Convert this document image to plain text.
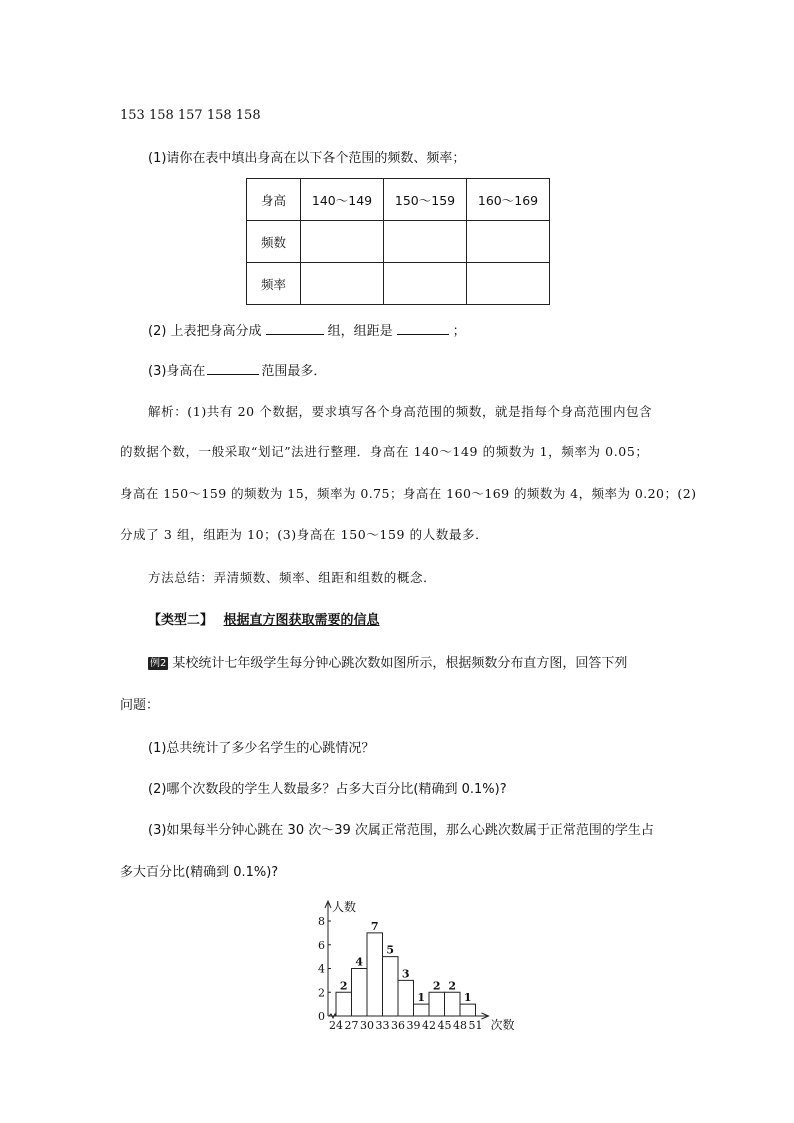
153 158 157 158 158
(1)请你在表中填出身高在以下各个范围的频数、频率；
身高	140～149	150～159	160～169
频数			
频率			
(2) 上表把身高分成	组，组距是	；
(3)身高在	范围最多．
解析：(1)共有 20 个数据，要求填写各个身高范围的频数，就是指每个身高范围内包含
的数据个数，一般采取“划记”法进行整理．身高在 140～149 的频数为 1，频率为 0.05；
身高在 150～159 的频数为 15，频率为 0.75；身高在 160～169 的频数为 4，频率为 0.20；(2)
分成了 3 组，组距为 10；(3)身高在 150～159 的人数最多．
方法总结：弄清频数、频率、组距和组数的概念．
【类型二】 根据直方图获取需要的信息
例2 某校统计七年级学生每分钟心跳次数如图所示，根据频数分布直方图，回答下列
问题：
(1)总共统计了多少名学生的心跳情况？
(2)哪个次数段的学生人数最多？占多大百分比(精确到 0.1%)?
(3)如果每半分钟心跳在 30 次～39 次属正常范围，那么心跳次数属于正常范围的学生占
多大百分比(精确到 0.1%)?
0
2
4
6
8
人数
次数
2
4
7
5
3
1
2 2
1
24 27 30 33 36 39 42 45 48 51
